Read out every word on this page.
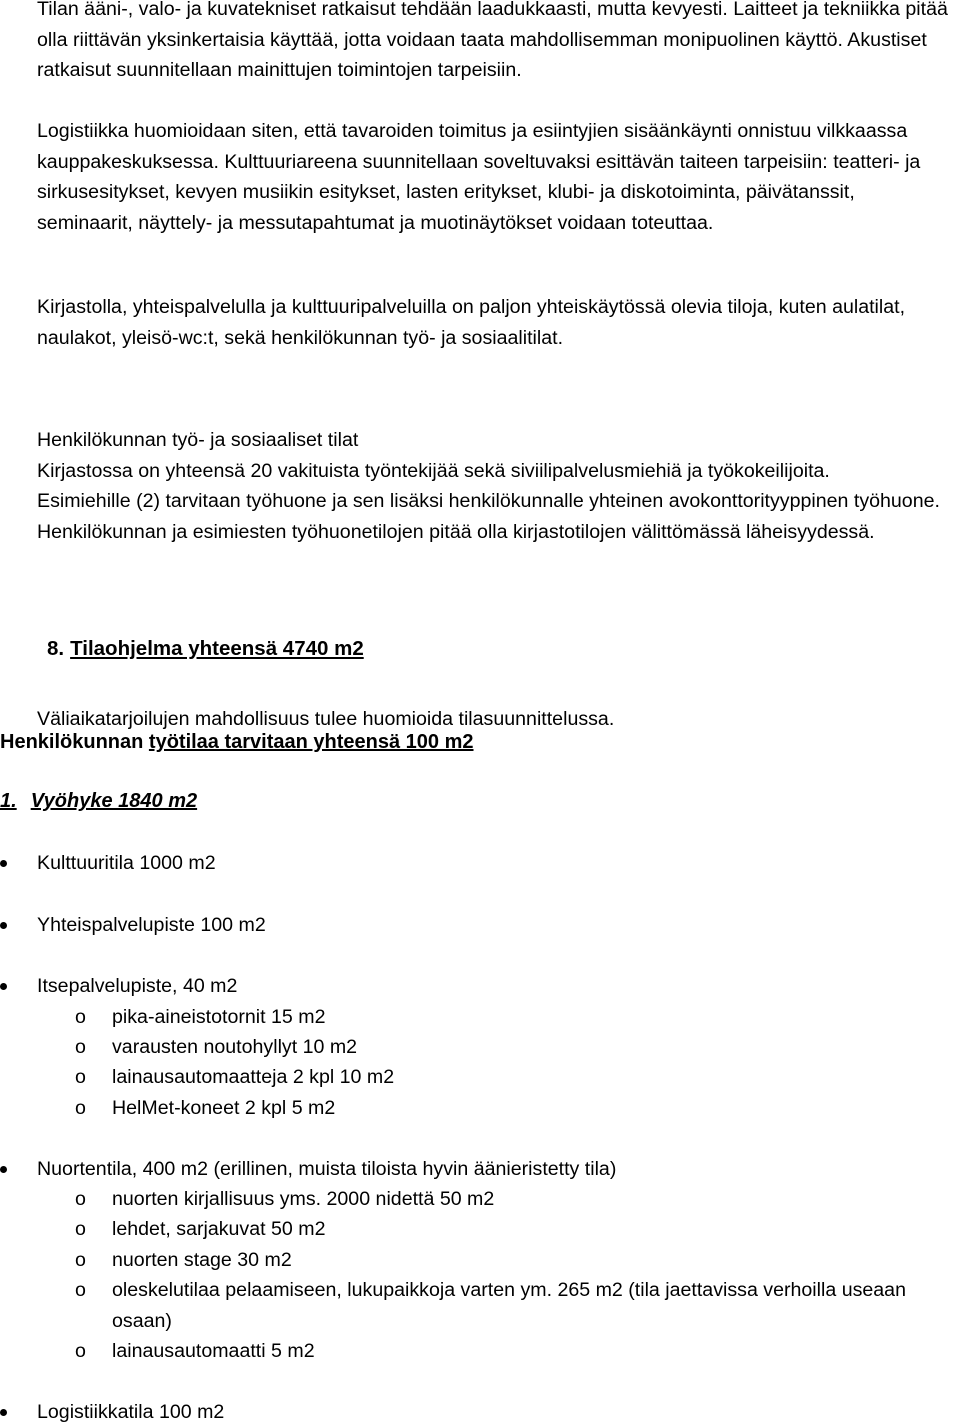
Tilan ääni-, valo- ja kuvatekniset ratkaisut tehdään laadukkaasti, mutta kevyesti. Laitteet ja tekniikka pitää olla riittävän yksinkertaisia käyttää, jotta voidaan taata mahdollisemman monipuolinen käyttö. Akustiset ratkaisut suunnitellaan mainittujen toimintojen tarpeisiin.

Logistiikka huomioidaan siten, että tavaroiden toimitus ja esiintyjien sisäänkäynti onnistuu vilkkaassa kauppakeskuksessa. Kulttuuriareena suunnitellaan soveltuvaksi esittävän taiteen tarpeisiin: teatteri- ja sirkusesitykset, kevyen musiikin esitykset, lasten eritykset, klubi- ja diskotoiminta, päivätanssit, seminaarit, näyttely- ja messutapahtumat ja muotinäytökset voidaan toteuttaa.

Kirjastolla, yhteispalvelulla ja kulttuuripalveluilla on paljon yhteiskäytössä olevia tiloja, kuten aulatilat, naulakot, yleisö-wc:t, sekä henkilökunnan työ- ja sosiaalitilat.

Väliaikatarjoilujen mahdollisuus tulee huomioida tilasuunnittelussa.

Henkilökunnan työ- ja sosiaaliset tilat
Kirjastossa on yhteensä 20 vakituista työntekijää sekä siviilipalvelusmiehiä ja työkokeilijoita.
Esimiehille (2) tarvitaan työhuone ja sen lisäksi henkilökunnalle yhteinen avokonttorityyppinen työhuone. Henkilökunnan ja esimiesten työhuonetilojen pitää olla kirjastotilojen välittömässä läheisyydessä.
8. Tilaohjelma yhteensä 4740 m2
Henkilökunnan työtilaa tarvitaan yhteensä 100 m2
1. Vyöhyke 1840 m2
Kulttuuritila 1000 m2
Yhteispalvelupiste 100 m2
Itsepalvelupiste, 40 m2
o pika-aineistotornit 15 m2
o varausten noutohyllyt 10 m2
o lainausautomaatteja 2 kpl 10 m2
o HelMet-koneet 2 kpl 5 m2
Nuortentila, 400 m2 (erillinen, muista tiloista hyvin äänieristetty tila)
o nuorten kirjallisuus yms. 2000 nidettä 50 m2
o lehdet, sarjakuvat 50 m2
o nuorten stage 30 m2
o oleskelutilaa pelaamiseen, lukupaikkoja varten ym. 265 m2 (tila jaettavissa verhoilla useaan osaan)
o lainausautomaatti 5 m2
Logistiikkatila 100 m2
